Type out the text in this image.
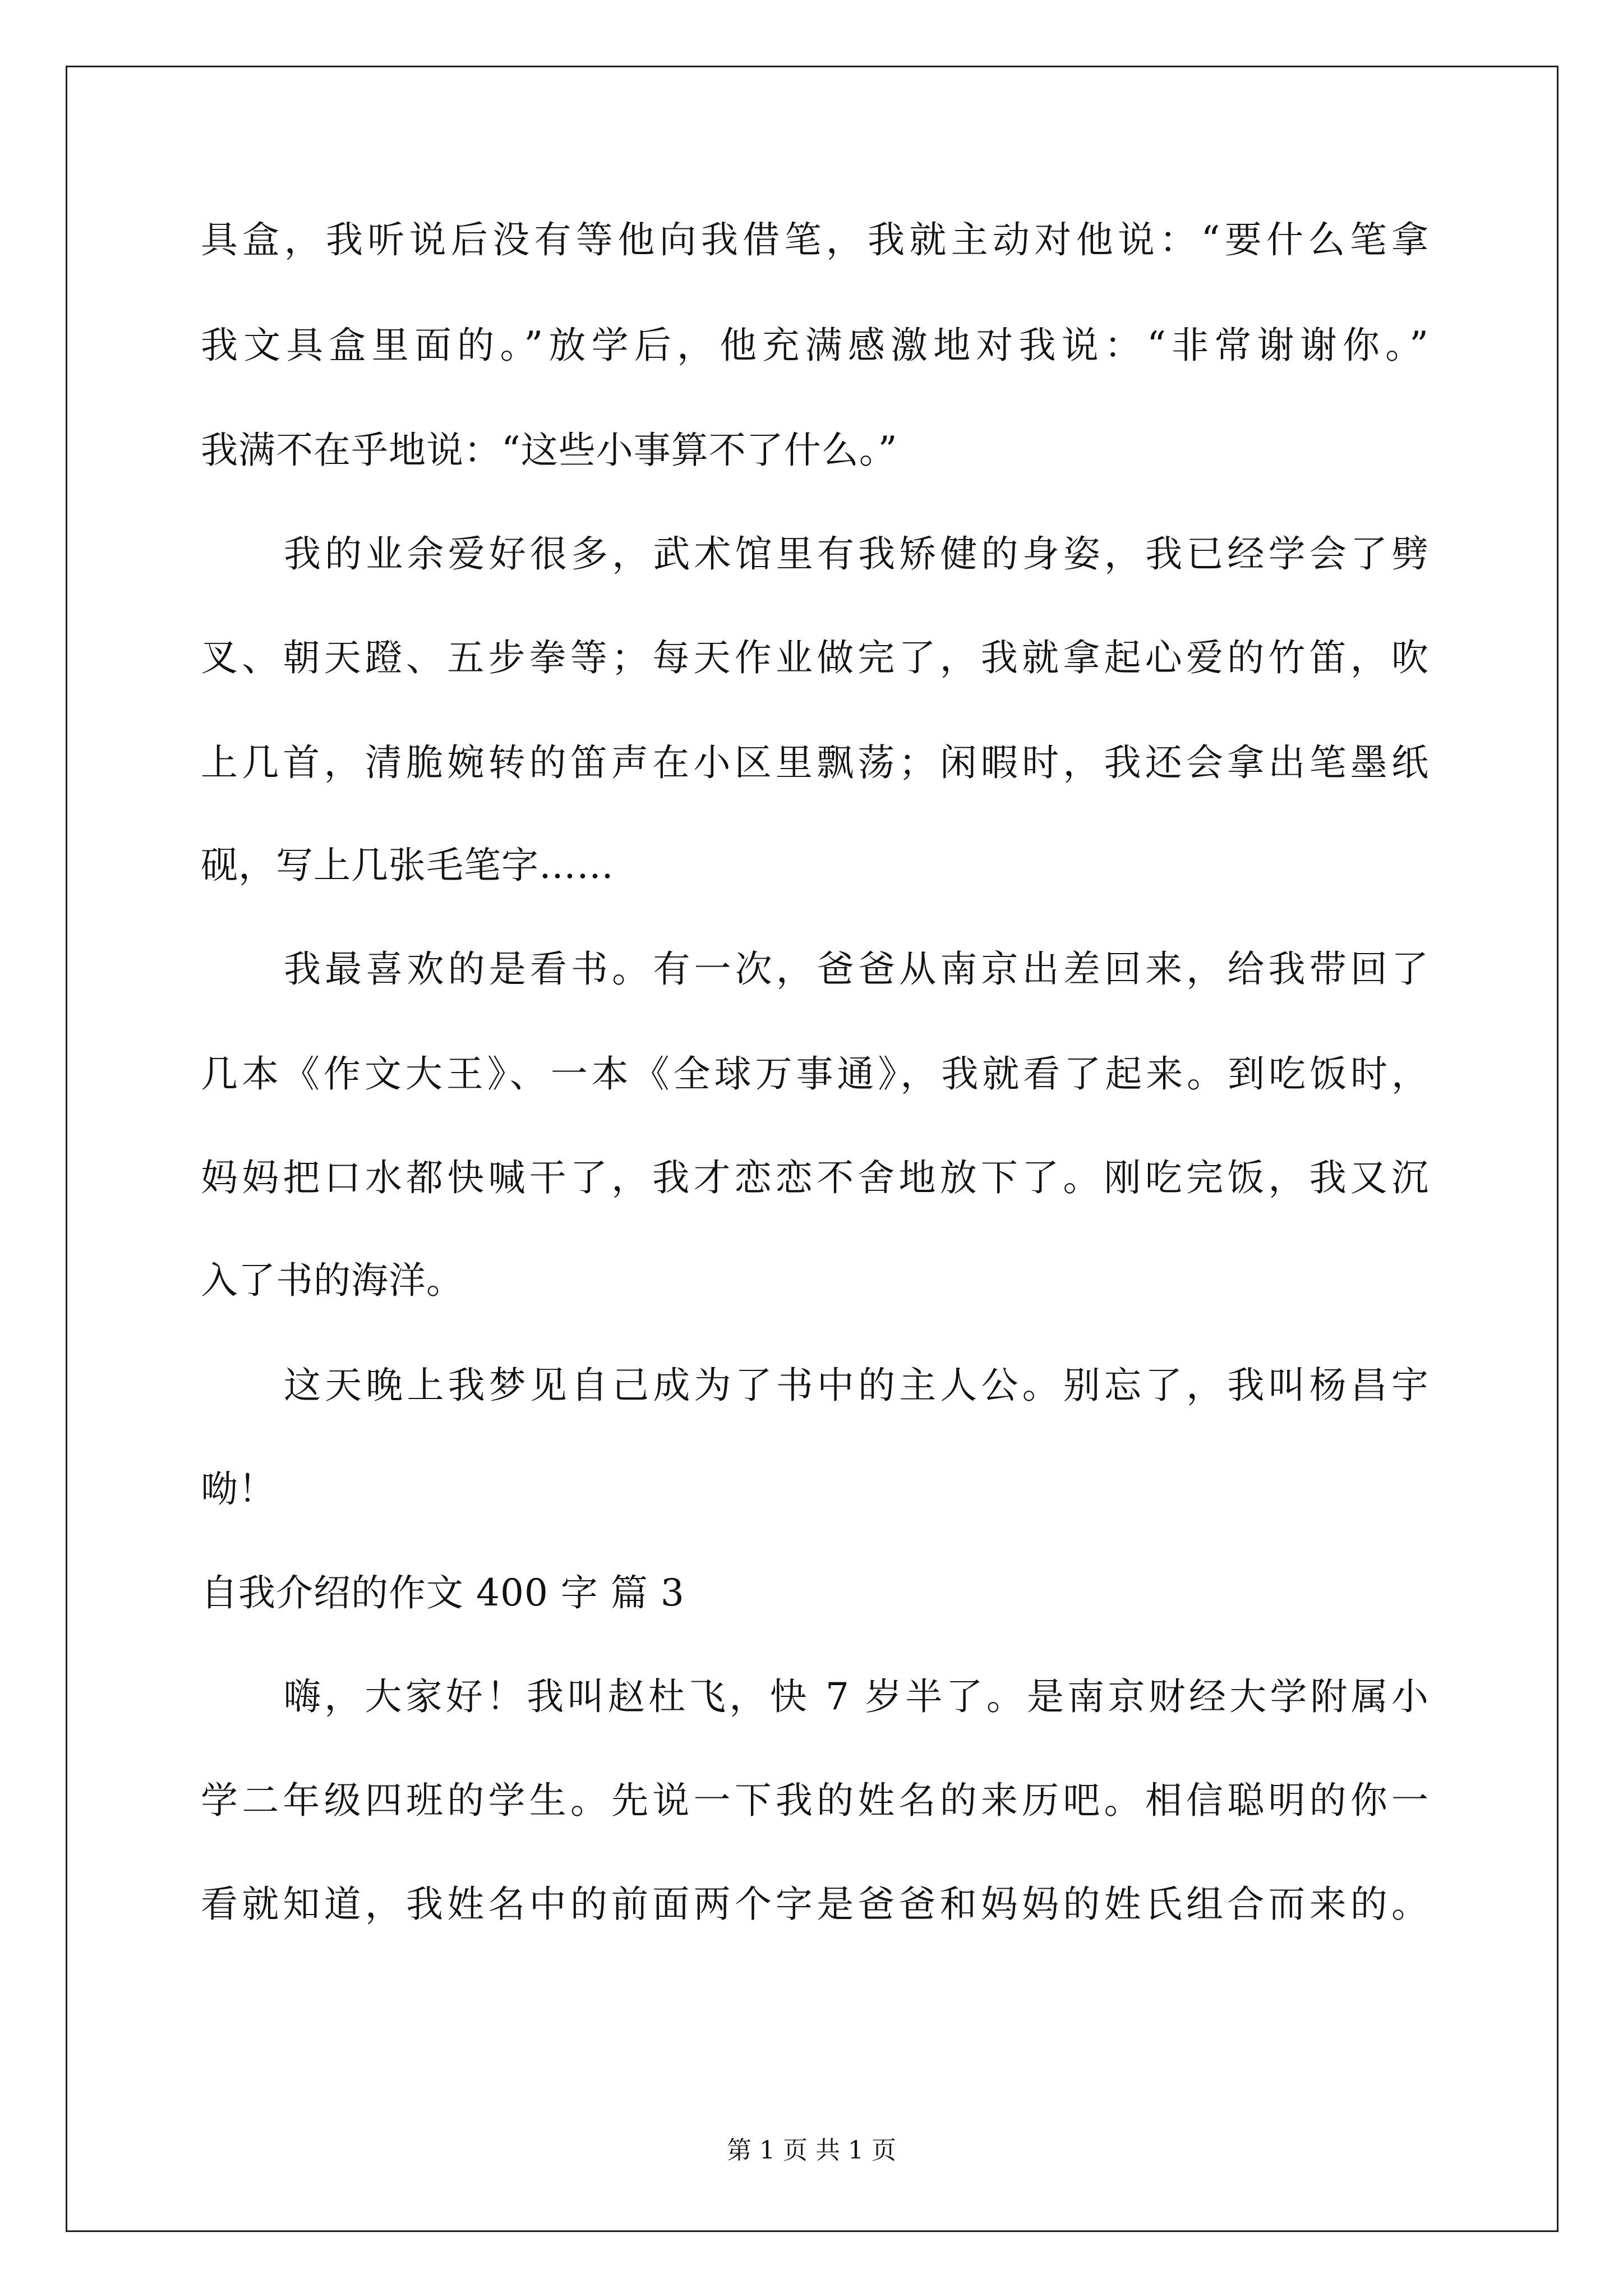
具盒，我听说后没有等他向我借笔，我就主动对他说：“要什么笔拿
我文具盒里面的。”放学后，他充满感激地对我说：“非常谢谢你。”
我满不在乎地说：“这些小事算不了什么。”
我的业余爱好很多，武术馆里有我矫健的身姿，我已经学会了劈
叉、朝天蹬、五步拳等；每天作业做完了，我就拿起心爱的竹笛，吹
上几首，清脆婉转的笛声在小区里飘荡；闲暇时，我还会拿出笔墨纸
砚，写上几张毛笔字……
我最喜欢的是看书。有一次，爸爸从南京出差回来，给我带回了
几本《作文大王》、一本《全球万事通》，我就看了起来。到吃饭时，
妈妈把口水都快喊干了，我才恋恋不舍地放下了。刚吃完饭，我又沉
入了书的海洋。
这天晚上我梦见自己成为了书中的主人公。别忘了，我叫杨昌宇
呦！
自我介绍的作文 400 字 篇 3
嗨，大家好！我叫赵杜飞，快 7 岁半了。是南京财经大学附属小
学二年级四班的学生。先说一下我的姓名的来历吧。相信聪明的你一
看就知道，我姓名中的前面两个字是爸爸和妈妈的姓氏组合而来的。
第 1 页 共 1 页
